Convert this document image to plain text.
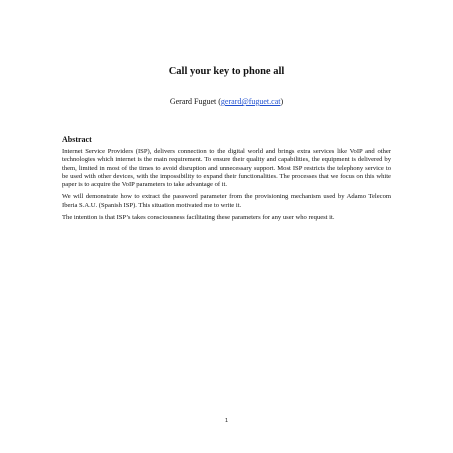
Call your key to phone all
Gerard Fuguet (gerard@fuguet.cat)
Abstract

Internet Service Providers (ISP), delivers connection to the digital world and brings extra services like VoIP and other technologies which internet is the main requirement. To ensure their quality and capabilities, the equipment is delivered by them, limited in most of the times to avoid disruption and unnecessary support. Most ISP restricts the telephony service to be used with other devices, with the impossibility to expand their functionalities. The processes that we focus on this white paper is to acquire the VoIP parameters to take advantage of it.

We will demonstrate how to extract the password parameter from the provisioning mechanism used by Adamo Telecom Iberia S.A.U. (Spanish ISP). This situation motivated me to write it.

The intention is that ISP’s takes consciousness facilitating these parameters for any user who request it.

1
